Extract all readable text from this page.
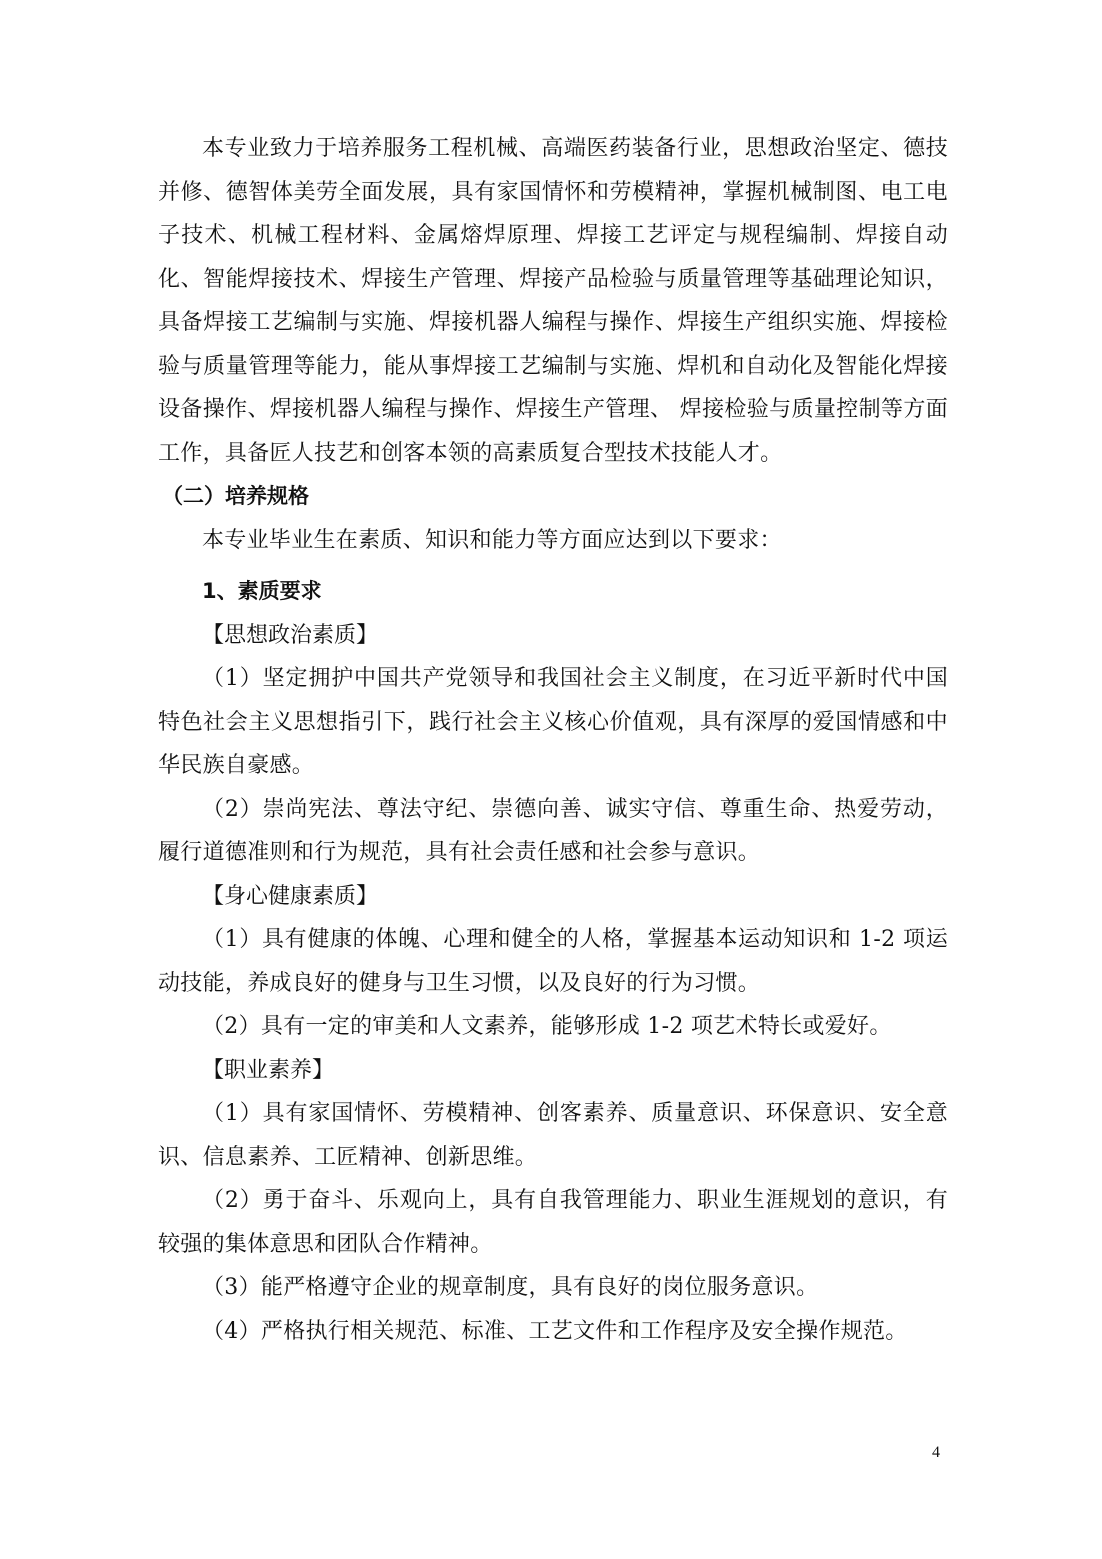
本专业致力于培养服务工程机械、高端医药装备行业，思想政治坚定、德技并修、德智体美劳全面发展，具有家国情怀和劳模精神，掌握机械制图、电工电子技术、机械工程材料、金属熔焊原理、焊接工艺评定与规程编制、焊接自动化、智能焊接技术、焊接生产管理、焊接产品检验与质量管理等基础理论知识，具备焊接工艺编制与实施、焊接机器人编程与操作、焊接生产组织实施、焊接检验与质量管理等能力，能从事焊接工艺编制与实施、焊机和自动化及智能化焊接设备操作、焊接机器人编程与操作、焊接生产管理、 焊接检验与质量控制等方面工作，具备匠人技艺和创客本领的高素质复合型技术技能人才。

（二）培养规格

本专业毕业生在素质、知识和能力等方面应达到以下要求：

1、素质要求

【思想政治素质】

（1）坚定拥护中国共产党领导和我国社会主义制度，在习近平新时代中国特色社会主义思想指引下，践行社会主义核心价值观，具有深厚的爱国情感和中华民族自豪感。

（2）崇尚宪法、尊法守纪、崇德向善、诚实守信、尊重生命、热爱劳动，履行道德准则和行为规范，具有社会责任感和社会参与意识。

【身心健康素质】

（1）具有健康的体魄、心理和健全的人格，掌握基本运动知识和 1-2 项运动技能，养成良好的健身与卫生习惯，以及良好的行为习惯。

（2）具有一定的审美和人文素养，能够形成 1-2 项艺术特长或爱好。

【职业素养】

（1）具有家国情怀、劳模精神、创客素养、质量意识、环保意识、安全意识、信息素养、工匠精神、创新思维。

（2）勇于奋斗、乐观向上，具有自我管理能力、职业生涯规划的意识，有较强的集体意思和团队合作精神。

（3）能严格遵守企业的规章制度，具有良好的岗位服务意识。

（4）严格执行相关规范、标准、工艺文件和工作程序及安全操作规范。

4
